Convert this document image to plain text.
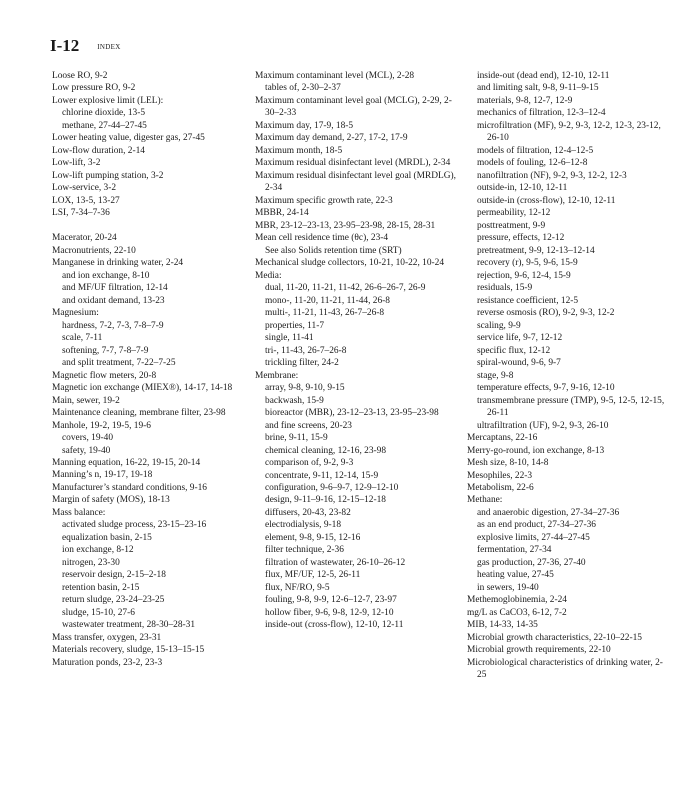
I-12	INDEX
Loose RO, 9-2
Low pressure RO, 9-2
Lower explosive limit (LEL):
chlorine dioxide, 13-5
methane, 27-44–27-45
Lower heating value, digester gas, 27-45
Low-flow duration, 2-14
Low-lift, 3-2
Low-lift pumping station, 3-2
Low-service, 3-2
LOX, 13-5, 13-27
LSI, 7-34–7-36
Macerator, 20-24
Macronutrients, 22-10
Manganese in drinking water, 2-24
and ion exchange, 8-10
and MF/UF filtration, 12-14
and oxidant demand, 13-23
Magnesium:
hardness, 7-2, 7-3, 7-8–7-9
scale, 7-11
softening, 7-7, 7-8–7-9
and split treatment, 7-22–7-25
Magnetic flow meters, 20-8
Magnetic ion exchange (MIEX®), 14-17, 14-18
Main, sewer, 19-2
Maintenance cleaning, membrane filter, 23-98
Manhole, 19-2, 19-5, 19-6
covers, 19-40
safety, 19-40
Manning equation, 16-22, 19-15, 20-14
Manning’s n, 19-17, 19-18
Manufacturer’s standard conditions, 9-16
Margin of safety (MOS), 18-13
Mass balance:
activated sludge process, 23-15–23-16
equalization basin, 2-15
ion exchange, 8-12
nitrogen, 23-30
reservoir design, 2-15–2-18
retention basin, 2-15
return sludge, 23-24–23-25
sludge, 15-10, 27-6
wastewater treatment, 28-30–28-31
Mass transfer, oxygen, 23-31
Materials recovery, sludge, 15-13–15-15
Maturation ponds, 23-2, 23-3
Maximum contaminant level (MCL), 2-28
tables of, 2-30–2-37
Maximum contaminant level goal (MCLG), 2-29, 2-30–2-33
Maximum day, 17-9, 18-5
Maximum day demand, 2-27, 17-2, 17-9
Maximum month, 18-5
Maximum residual disinfectant level (MRDL), 2-34
Maximum residual disinfectant level goal (MRDLG), 2-34
Maximum specific growth rate, 22-3
MBBR, 24-14
MBR, 23-12–23-13, 23-95–23-98, 28-15, 28-31
Mean cell residence time (θc), 23-4
See also Solids retention time (SRT)
Mechanical sludge collectors, 10-21, 10-22, 10-24
Media:
dual, 11-20, 11-21, 11-42, 26-6–26-7, 26-9
mono-, 11-20, 11-21, 11-44, 26-8
multi-, 11-21, 11-43, 26-7–26-8
properties, 11-7
single, 11-41
tri-, 11-43, 26-7–26-8
trickling filter, 24-2
Membrane:
array, 9-8, 9-10, 9-15
backwash, 15-9
bioreactor (MBR), 23-12–23-13, 23-95–23-98
and fine screens, 20-23
brine, 9-11, 15-9
chemical cleaning, 12-16, 23-98
comparison of, 9-2, 9-3
concentrate, 9-11, 12-14, 15-9
configuration, 9-6–9-7, 12-9–12-10
design, 9-11–9-16, 12-15–12-18
diffusers, 20-43, 23-82
electrodialysis, 9-18
element, 9-8, 9-15, 12-16
filter technique, 2-36
filtration of wastewater, 26-10–26-12
flux, MF/UF, 12-5, 26-11
flux, NF/RO, 9-5
fouling, 9-8, 9-9, 12-6–12-7, 23-97
hollow fiber, 9-6, 9-8, 12-9, 12-10
inside-out (cross-flow), 12-10, 12-11
inside-out (dead end), 12-10, 12-11
and limiting salt, 9-8, 9-11–9-15
materials, 9-8, 12-7, 12-9
mechanics of filtration, 12-3–12-4
microfiltration (MF), 9-2, 9-3, 12-2, 12-3, 23-12, 26-10
models of filtration, 12-4–12-5
models of fouling, 12-6–12-8
nanofiltration (NF), 9-2, 9-3, 12-2, 12-3
outside-in, 12-10, 12-11
outside-in (cross-flow), 12-10, 12-11
permeability, 12-12
posttreatment, 9-9
pressure, effects, 12-12
pretreatment, 9-9, 12-13–12-14
recovery (r), 9-5, 9-6, 15-9
rejection, 9-6, 12-4, 15-9
residuals, 15-9
resistance coefficient, 12-5
reverse osmosis (RO), 9-2, 9-3, 12-2
scaling, 9-9
service life, 9-7, 12-12
specific flux, 12-12
spiral-wound, 9-6, 9-7
stage, 9-8
temperature effects, 9-7, 9-16, 12-10
transmembrane pressure (TMP), 9-5, 12-5, 12-15, 26-11
ultrafiltration (UF), 9-2, 9-3, 26-10
Mercaptans, 22-16
Merry-go-round, ion exchange, 8-13
Mesh size, 8-10, 14-8
Mesophiles, 22-3
Metabolism, 22-6
Methane:
and anaerobic digestion, 27-34–27-36
as an end product, 27-34–27-36
explosive limits, 27-44–27-45
fermentation, 27-34
gas production, 27-36, 27-40
heating value, 27-45
in sewers, 19-40
Methemoglobinemia, 2-24
mg/L as CaCO3, 6-12, 7-2
MIB, 14-33, 14-35
Microbial growth characteristics, 22-10–22-15
Microbial growth requirements, 22-10
Microbiological characteristics of drinking water, 2-25
